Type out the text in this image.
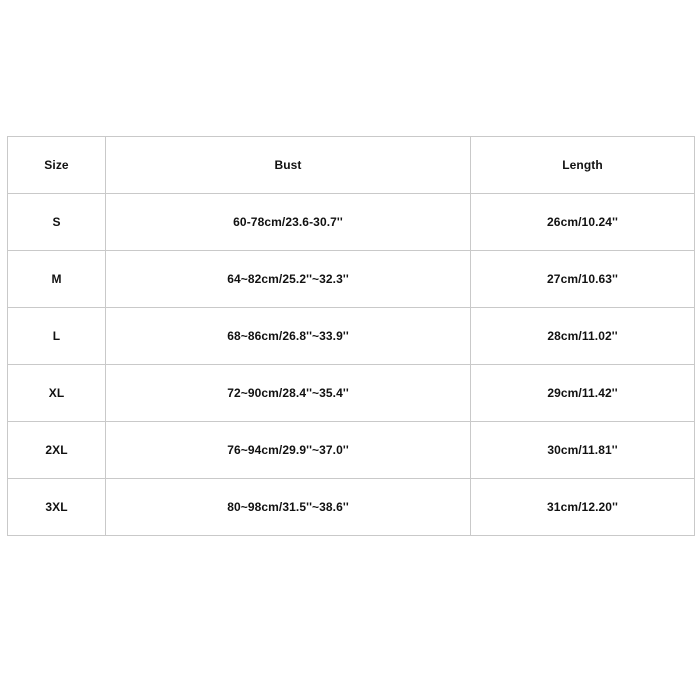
Size	Bust	Length
S	60-78cm/23.6-30.7''	26cm/10.24''
M	64~82cm/25.2''~32.3''	27cm/10.63''
L	68~86cm/26.8''~33.9''	28cm/11.02''
XL	72~90cm/28.4''~35.4''	29cm/11.42''
2XL	76~94cm/29.9''~37.0''	30cm/11.81''
3XL	80~98cm/31.5''~38.6''	31cm/12.20''
